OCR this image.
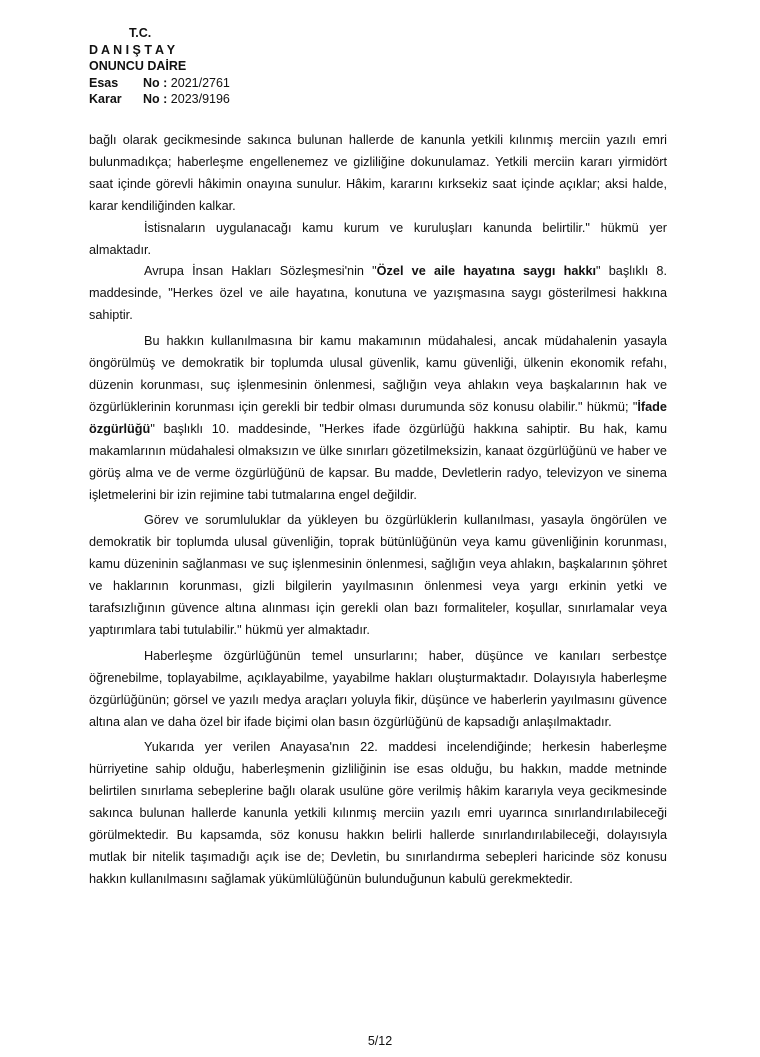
T.C.
D A N I Ş T A Y
ONUNCU DAİRE
Esas No : 2021/2761
Karar No : 2023/9196

bağlı olarak gecikmesinde sakınca bulunan hallerde de kanunla yetkili kılınmış merciin yazılı emri bulunmadıkça; haberleşme engellenemez ve gizliliğine dokunulamaz. Yetkili merciin kararı yirmidört saat içinde görevli hâkimin onayına sunulur. Hâkim, kararını kırksekiz saat içinde açıklar; aksi halde, karar kendiliğinden kalkar.

İstisnaların uygulanacağı kamu kurum ve kuruluşları kanunda belirtilir." hükmü yer almaktadır.

Avrupa İnsan Hakları Sözleşmesi'nin "Özel ve aile hayatına saygı hakkı" başlıklı 8. maddesinde, "Herkes özel ve aile hayatına, konutuna ve yazışmasına saygı gösterilmesi hakkına sahiptir.

Bu hakkın kullanılmasına bir kamu makamının müdahalesi, ancak müdahalenin yasayla öngörülmüş ve demokratik bir toplumda ulusal güvenlik, kamu güvenliği, ülkenin ekonomik refahı, düzenin korunması, suç işlenmesinin önlenmesi, sağlığın veya ahlakın veya başkalarının hak ve özgürlüklerinin korunması için gerekli bir tedbir olması durumunda söz konusu olabilir." hükmü; "İfade özgürlüğü" başlıklı 10. maddesinde, "Herkes ifade özgürlüğü hakkına sahiptir. Bu hak, kamu makamlarının müdahalesi olmaksızın ve ülke sınırları gözetilmeksizin, kanaat özgürlüğünü ve haber ve görüş alma ve de verme özgürlüğünü de kapsar. Bu madde, Devletlerin radyo, televizyon ve sinema işletmelerini bir izin rejimine tabi tutmalarına engel değildir.

Görev ve sorumluluklar da yükleyen bu özgürlüklerin kullanılması, yasayla öngörülen ve demokratik bir toplumda ulusal güvenliğin, toprak bütünlüğünün veya kamu güvenliğinin korunması, kamu düzeninin sağlanması ve suç işlenmesinin önlenmesi, sağlığın veya ahlakın, başkalarının şöhret ve haklarının korunması, gizli bilgilerin yayılmasının önlenmesi veya yargı erkinin yetki ve tarafsızlığının güvence altına alınması için gerekli olan bazı formaliteler, koşullar, sınırlamalar veya yaptırımlara tabi tutulabilir." hükmü yer almaktadır.

Haberleşme özgürlüğünün temel unsurlarını; haber, düşünce ve kanıları serbestçe öğrenebilme, toplayabilme, açıklayabilme, yayabilme hakları oluşturmaktadır. Dolayısıyla haberleşme özgürlüğünün; görsel ve yazılı medya araçları yoluyla fikir, düşünce ve haberlerin yayılmasını güvence altına alan ve daha özel bir ifade biçimi olan basın özgürlüğünü de kapsadığı anlaşılmaktadır.

Yukarıda yer verilen Anayasa'nın 22. maddesi incelendiğinde; herkesin haberleşme hürriyetine sahip olduğu, haberleşmenin gizliliğinin ise esas olduğu, bu hakkın, madde metninde belirtilen sınırlama sebeplerine bağlı olarak usulüne göre verilmiş hâkim kararıyla veya gecikmesinde sakınca bulunan hallerde kanunla yetkili kılınmış merciin yazılı emri uyarınca sınırlandırılabileceği görülmektedir. Bu kapsamda, söz konusu hakkın belirli hallerde sınırlandırılabileceği, dolayısıyla mutlak bir nitelik taşımadığı açık ise de; Devletin, bu sınırlandırma sebepleri haricinde söz konusu hakkın kullanılmasını sağlamak yükümlülüğünün bulunduğunun kabulü gerekmektedir.

5/12
